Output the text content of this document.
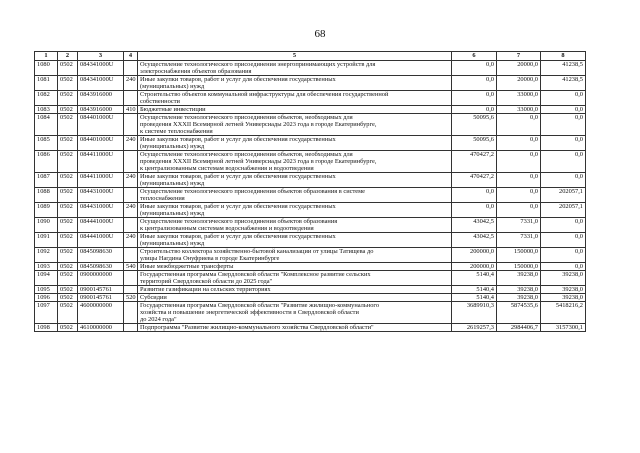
68
1	2	3	4	5	6	7	8
1080	0502	084341000U		Осуществление технологического присоединения энергопринимающих устройств для
электроснабжения объектов образования	0,0	20000,0	41238,5
1081	0502	084341000U	240	Иные закупки товаров, работ и услуг для обеспечения государственных
(муниципальных) нужд	0,0	20000,0	41238,5
1082	0502	0843916000		Строительство объектов коммунальной инфраструктуры для обеспечения государственной
собственности	0,0	33000,0	0,0
1083	0502	0843916000	410	Бюджетные инвестиции	0,0	33000,0	0,0
1084	0502	084401000U		Осуществление технологического присоединения объектов, необходимых для
проведения XXXII Всемирной летней Универсиады 2023 года в городе Екатеринбурге,
к системе теплоснабжения	50095,6	0,0	0,0
1085	0502	084401000U	240	Иные закупки товаров, работ и услуг для обеспечения государственных
(муниципальных) нужд	50095,6	0,0	0,0
1086	0502	084411000U		Осуществление технологического присоединения объектов, необходимых для
проведения XXXII Всемирной летней Универсиады 2023 года в городе Екатеринбурге,
к централизованным системам водоснабжения и водоотведения	470427,2	0,0	0,0
1087	0502	084411000U	240	Иные закупки товаров, работ и услуг для обеспечения государственных
(муниципальных) нужд	470427,2	0,0	0,0
1088	0502	084431000U		Осуществление технологического присоединения объектов образования в системе
теплоснабжения	0,0	0,0	202057,1
1089	0502	084431000U	240	Иные закупки товаров, работ и услуг для обеспечения государственных
(муниципальных) нужд	0,0	0,0	202057,1
1090	0502	084441000U		Осуществление технологического присоединения объектов образования
к централизованным системам водоснабжения и водоотведения	43042,5	7331,0	0,0
1091	0502	084441000U	240	Иные закупки товаров, работ и услуг для обеспечения государственных
(муниципальных) нужд	43042,5	7331,0	0,0
1092	0502	0845098630		Строительство коллектора хозяйственно-бытовой канализации от улицы Татищева до
улицы Нагдина Онуфриева в городе Екатеринбурге	200000,0	150000,0	0,0
1093	0502	0845098630	540	Иные межбюджетные трансферты	200000,0	150000,0	0,0
1094	0502	0900000000		Государственная программа Свердловской области "Комплексное развитие сельских
территорий Свердловской области до 2025 года"	5140,4	39238,0	39238,0
1095	0502	0900145761		Развитие газификации на сельских территориях	5140,4	39238,0	39238,0
1096	0502	0900145761	520	Субсидии	5140,4	39238,0	39238,0
1097	0502	4600000000		Государственная программа Свердловской области "Развитие жилищно-коммунального
хозяйства и повышение энергетической эффективности в Свердловской области
до 2024 года"	3689910,3	5874535,6	5418216,2
1098	0502	4610000000		Подпрограмма "Развитие жилищно-коммунального хозяйства Свердловской области"	2619257,3	2984406,7	3157300,1
